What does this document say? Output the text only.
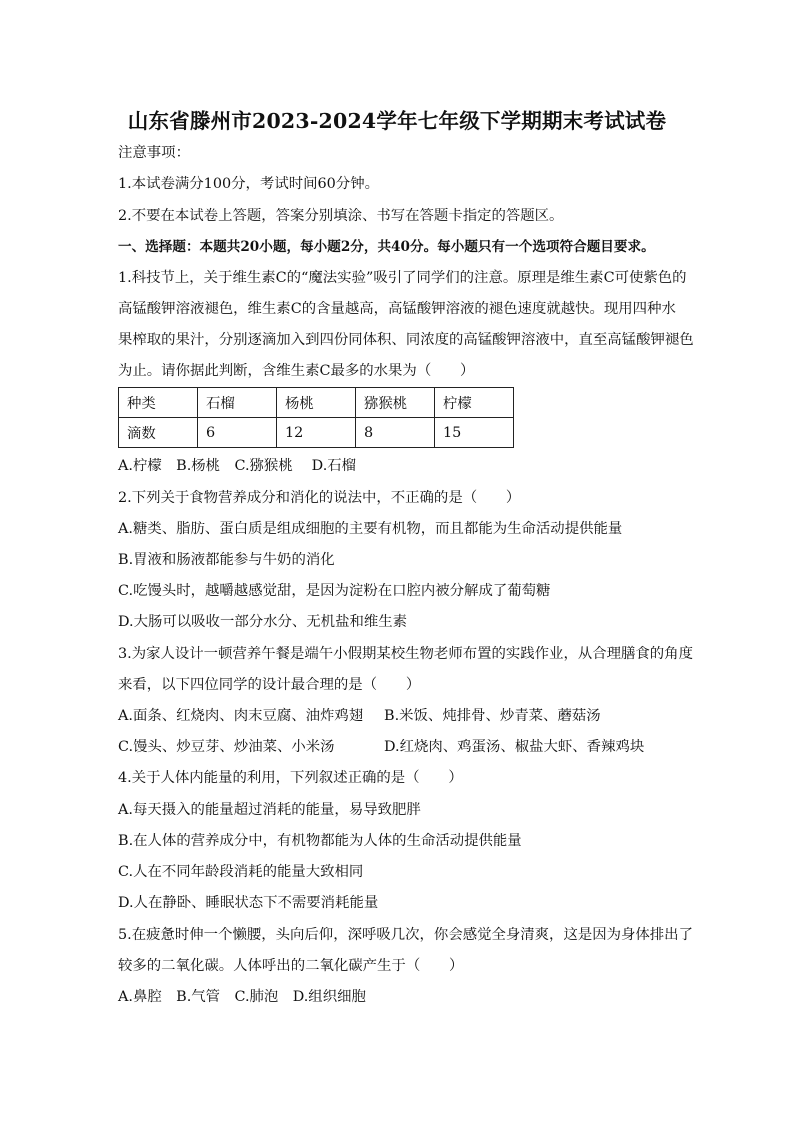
山东省滕州市2023-2024学年七年级下学期期末考试试卷
注意事项：
1.本试卷满分100分，考试时间60分钟。
2.不要在本试卷上答题，答案分别填涂、书写在答题卡指定的答题区。
一、选择题：本题共20小题，每小题2分，共40分。每小题只有一个选项符合题目要求。
1.科技节上，关于维生素C的“魔法实验”吸引了同学们的注意。原理是维生素C可使紫色的
高锰酸钾溶液褪色，维生素C的含量越高，高锰酸钾溶液的褪色速度就越快。现用四种水
果榨取的果汁，分别逐滴加入到四份同体积、同浓度的高锰酸钾溶液中，直至高锰酸钾褪色
为止。请你据此判断，含维生素C最多的水果为（　　）
种类	石榴	杨桃	猕猴桃	柠檬
滴数	6	12	8	15
A.柠檬　B.杨桃　C.猕猴桃　 D.石榴
2.下列关于食物营养成分和消化的说法中，不正确的是（　　）
A.糖类、脂肪、蛋白质是组成细胞的主要有机物，而且都能为生命活动提供能量
B.胃液和肠液都能参与牛奶的消化
C.吃馒头时，越嚼越感觉甜，是因为淀粉在口腔内被分解成了葡萄糖
D.大肠可以吸收一部分水分、无机盐和维生素
3.为家人设计一顿营养午餐是端午小假期某校生物老师布置的实践作业，从合理膳食的角度
来看，以下四位同学的设计最合理的是（　　）
A.面条、红烧肉、肉末豆腐、油炸鸡翅 B.米饭、炖排骨、炒青菜、蘑菇汤
C.馒头、炒豆芽、炒油菜、小米汤	D.红烧肉、鸡蛋汤、椒盐大虾、香辣鸡块
4.关于人体内能量的利用，下列叙述正确的是（　　）
A.每天摄入的能量超过消耗的能量，易导致肥胖
B.在人体的营养成分中，有机物都能为人体的生命活动提供能量
C.人在不同年龄段消耗的能量大致相同
D.人在静卧、睡眠状态下不需要消耗能量
5.在疲惫时伸一个懒腰，头向后仰，深呼吸几次，你会感觉全身清爽，这是因为身体排出了
较多的二氧化碳。人体呼出的二氧化碳产生于（　　）
A.鼻腔　B.气管　C.肺泡　D.组织细胞
